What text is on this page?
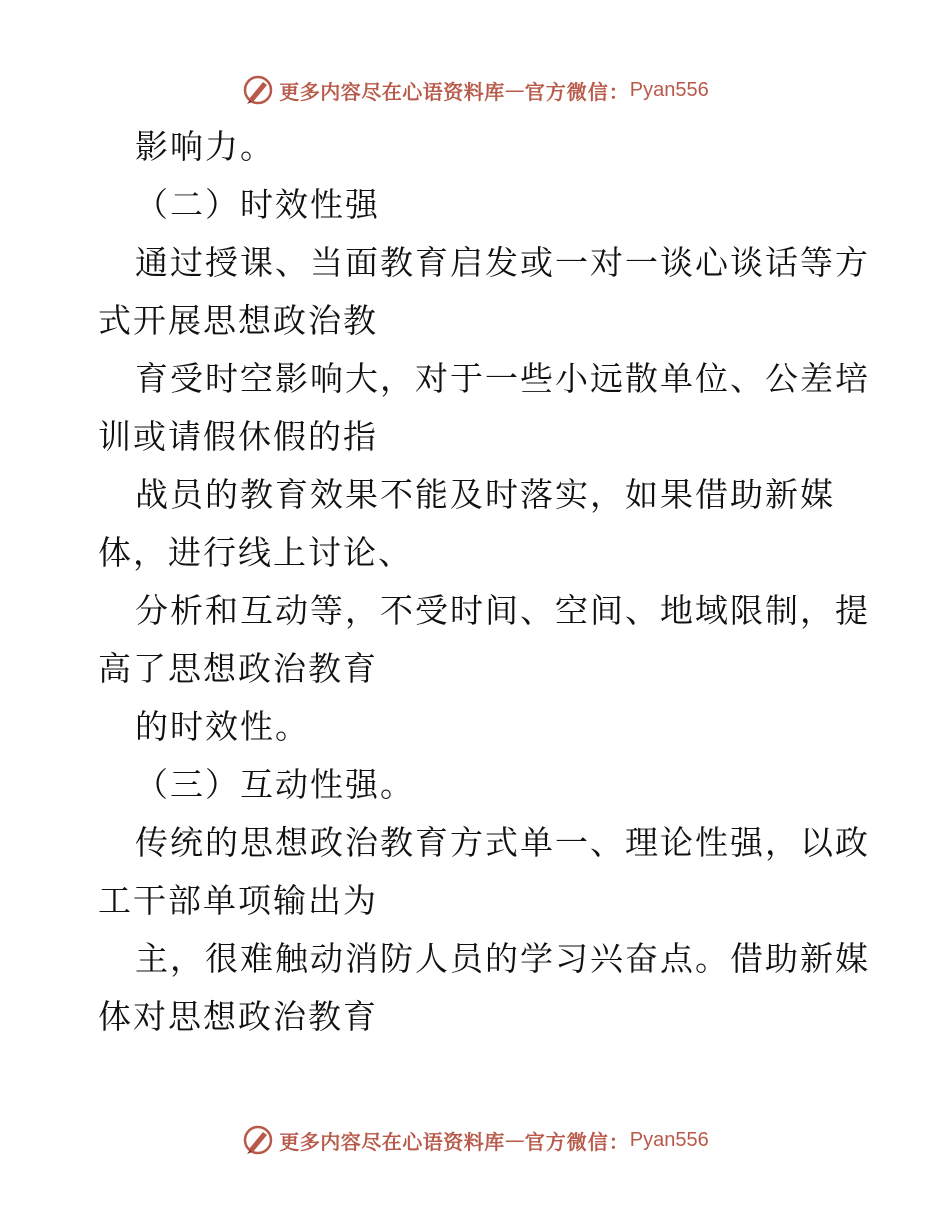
更多内容尽在心语资料库 — 官方微信： Pyan556
影响力。
（二）时效性强
通过授课、当面教育启发或一对一谈心谈话等方
式开展思想政治教
育受时空影响大，对于一些小远散单位、公差培
训或请假休假的指
战员的教育效果不能及时落实，如果借助新媒
体，进行线上讨论、
分析和互动等，不受时间、空间、地域限制，提
高了思想政治教育
的时效性。
（三）互动性强。
传统的思想政治教育方式单一、理论性强，以政
工干部单项输出为
主，很难触动消防人员的学习兴奋点。借助新媒
体对思想政治教育
更多内容尽在心语资料库 — 官方微信： Pyan556
